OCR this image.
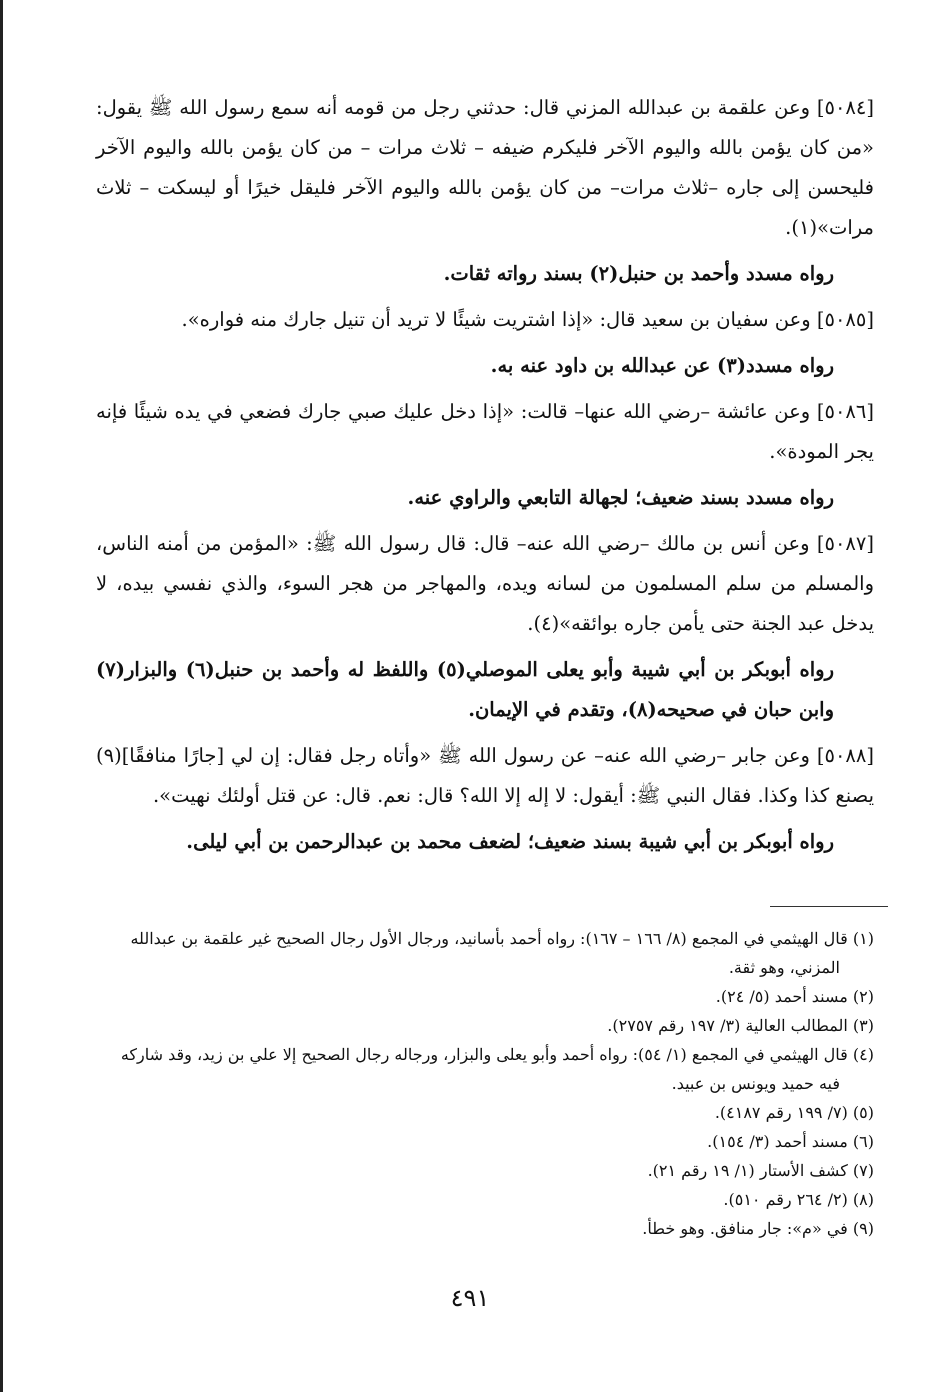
[٥٠٨٤] وعن علقمة بن عبدالله المزني قال: حدثني رجل من قومه أنه سمع رسول الله ﷺ يقول: «من كان يؤمن بالله واليوم الآخر فليكرم ضيفه – ثلاث مرات – من كان يؤمن بالله واليوم الآخر فليحسن إلى جاره –ثلاث مرات– من كان يؤمن بالله واليوم الآخر فليقل خيرًا أو ليسكت – ثلاث مرات»(١).

رواه مسدد وأحمد بن حنبل(٢) بسند رواته ثقات.

[٥٠٨٥] وعن سفيان بن سعيد قال: «إذا اشتريت شيئًا لا تريد أن تنيل جارك منه فواره».

رواه مسدد(٣) عن عبدالله بن داود عنه به.

[٥٠٨٦] وعن عائشة –رضي الله عنها– قالت: «إذا دخل عليك صبي جارك فضعي في يده شيئًا فإنه يجر المودة».

رواه مسدد بسند ضعيف؛ لجهالة التابعي والراوي عنه.

[٥٠٨٧] وعن أنس بن مالك –رضي الله عنه– قال: قال رسول الله ﷺ: «المؤمن من أمنه الناس، والمسلم من سلم المسلمون من لسانه ويده، والمهاجر من هجر السوء، والذي نفسي بيده، لا يدخل عبد الجنة حتى يأمن جاره بوائقه»(٤).

رواه أبوبكر بن أبي شيبة وأبو يعلى الموصلي(٥) واللفظ له وأحمد بن حنبل(٦) والبزار(٧) وابن حبان في صحيحه(٨)، وتقدم في الإيمان.

[٥٠٨٨] وعن جابر –رضي الله عنه– عن رسول الله ﷺ «وأتاه رجل فقال: إن لي [جارًا منافقًا](٩) يصنع كذا وكذا. فقال النبي ﷺ: أيقول: لا إله إلا الله؟ قال: نعم. قال: عن قتل أولئك نهيت».

رواه أبوبكر بن أبي شيبة بسند ضعيف؛ لضعف محمد بن عبدالرحمن بن أبي ليلى.

(١) قال الهيثمي في المجمع (٨/ ١٦٦ – ١٦٧): رواه أحمد بأسانيد، ورجال الأول رجال الصحيح غير علقمة بن عبدالله المزني، وهو ثقة.

(٢) مسند أحمد (٥/ ٢٤).

(٣) المطالب العالية (٣/ ١٩٧ رقم ٢٧٥٧).

(٤) قال الهيثمي في المجمع (١/ ٥٤): رواه أحمد وأبو يعلى والبزار، ورجاله رجال الصحيح إلا علي بن زيد، وقد شاركه فيه حميد ويونس بن عبيد.

(٥) (٧/ ١٩٩ رقم ٤١٨٧).

(٦) مسند أحمد (٣/ ١٥٤).

(٧) كشف الأستار (١/ ١٩ رقم ٢١).

(٨) (٢/ ٢٦٤ رقم ٥١٠).

(٩) في «م»: جار منافق. وهو خطأ.

٤٩١
